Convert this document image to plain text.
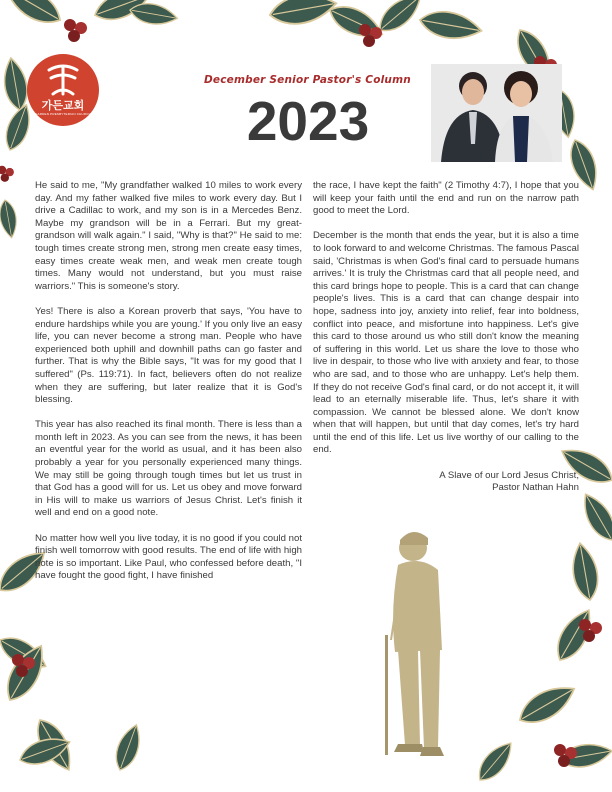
가든교회
GARDEN PRESBYTERIAN CHURCH
December Senior Pastor's Column
2023

He said to me, "My grandfather walked 10 miles to work every day. And my father walked five miles to work every day. But I drive a Cadillac to work, and my son is in a Mercedes Benz. Maybe my grandson will be in a Ferrari. But my great-grandson will walk again." I said, "Why is that?" He said to me: tough times create strong men, strong men create easy times, easy times create weak men, and weak men create tough times. Many would not understand, but you must raise warriors." This is someone's story.

Yes! There is also a Korean proverb that says, 'You have to endure hardships while you are young.' If you only live an easy life, you can never become a strong man. People who have experienced both uphill and downhill paths can go faster and further. That is why the Bible says, "It was for my good that I suffered" (Ps. 119:71). In fact, believers often do not realize when they are suffering, but later realize that it is God's blessing.

This year has also reached its final month. There is less than a month left in 2023. As you can see from the news, it has been an eventful year for the world as usual, and it has been also probably a year for you personally experienced many things. We may still be going through tough times but let us trust in that God has a good will for us. Let us obey and move forward in His will to make us warriors of Jesus Christ. Let's finish it well and end on a good note.

No matter how well you live today, it is no good if you could not finish well tomorrow with good results. The end of life with high note is so important. Like Paul, who confessed before death, "I have fought the good fight, I have finished

the race, I have kept the faith" (2 Timothy 4:7), I hope that you will keep your faith until the end and run on the narrow path good to meet the Lord.

December is the month that ends the year, but it is also a time to look forward to and welcome Christmas. The famous Pascal said, 'Christmas is when God's final card to persuade humans arrives.' It is truly the Christmas card that all people need, and this card brings hope to people. This is a card that can change people's lives. This is a card that can change despair into hope, sadness into joy, anxiety into relief, fear into boldness, conflict into peace, and misfortune into happiness. Let's give this card to those around us who still don't know the meaning of suffering in this world. Let us share the love to those who live in despair, to those who live with anxiety and fear, to those who are sad, and to those who are unhappy. Let's help them. If they do not receive God's final card, or do not accept it, it will lead to an eternally miserable life. Thus, let's share it with compassion. We cannot be blessed alone. We don't know when that will happen, but until that day comes, let's try hard until the end of this life. Let us live worthy of our calling to the end.

A Slave of our Lord Jesus Christ,
Pastor Nathan Hahn
